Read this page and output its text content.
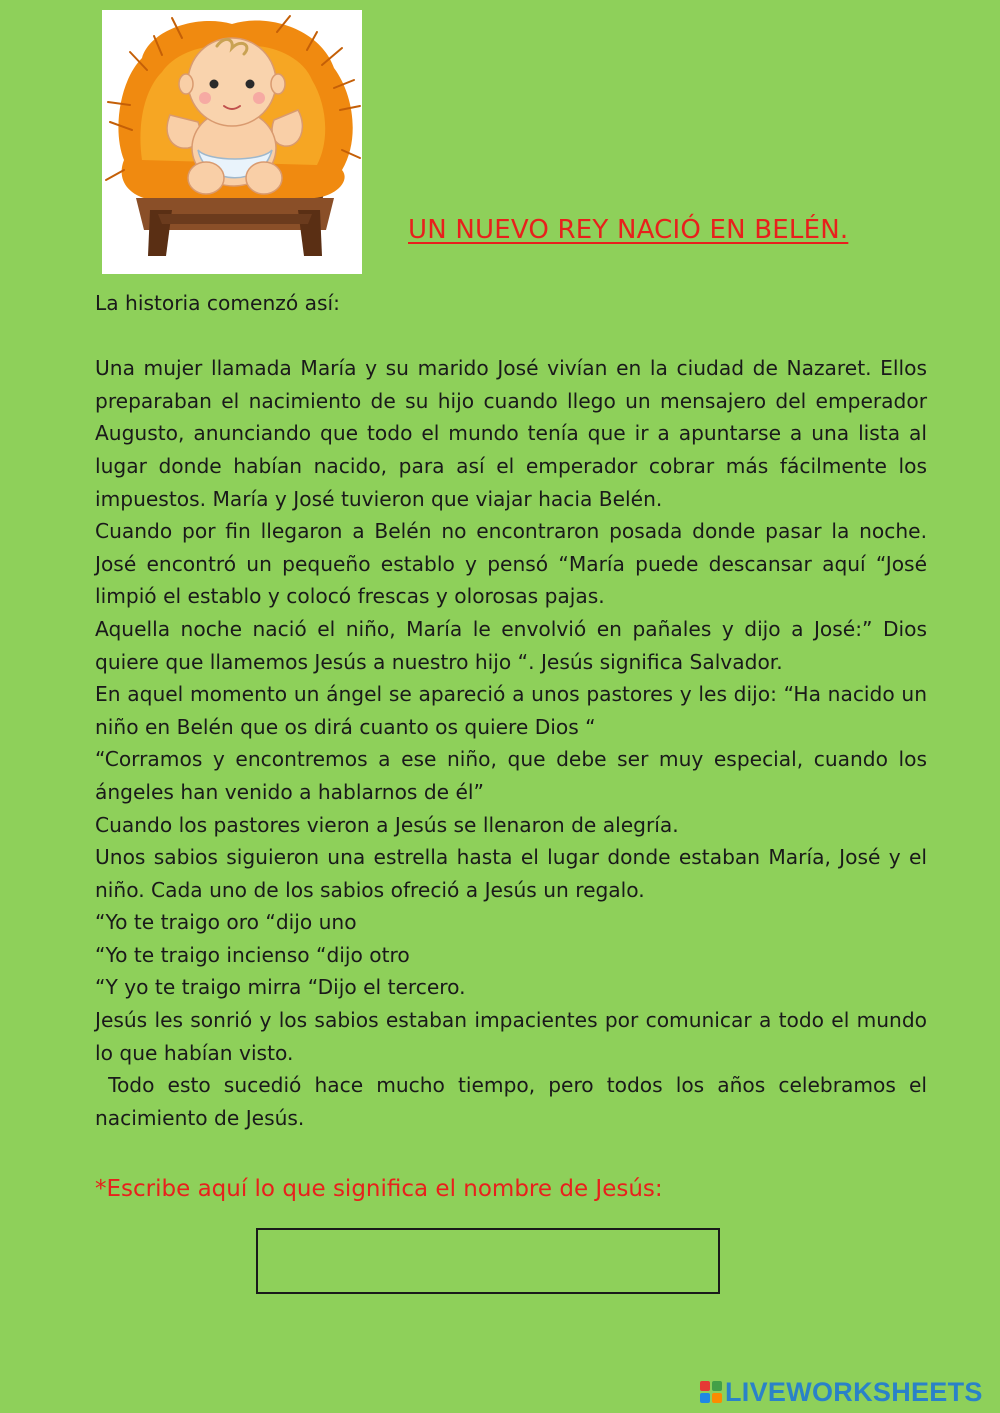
UN NUEVO REY NACIÓ EN BELÉN.

La historia comenzó así:

Una mujer llamada María y su marido José vivían en la ciudad de Nazaret. Ellos preparaban el nacimiento de su hijo cuando llego un mensajero del emperador Augusto, anunciando que todo el mundo tenía que ir a apuntarse a una lista al lugar donde habían nacido, para así el emperador cobrar más fácilmente los impuestos. María y José tuvieron que viajar hacia Belén.

Cuando por fin llegaron a Belén no encontraron posada donde pasar la noche. José encontró un pequeño establo y pensó “María puede descansar aquí “José limpió el establo y colocó frescas y olorosas pajas.

Aquella noche nació el niño, María le envolvió en pañales y dijo a José:” Dios quiere que llamemos Jesús a nuestro hijo “. Jesús significa Salvador.

En aquel momento un ángel se apareció a unos pastores y les dijo: “Ha nacido un niño en Belén que os dirá cuanto os quiere Dios “

“Corramos y encontremos a ese niño, que debe ser muy especial, cuando los ángeles han venido a hablarnos de él”

Cuando los pastores vieron a Jesús se llenaron de alegría.

Unos sabios siguieron una estrella hasta el lugar donde estaban María, José y el niño. Cada uno de los sabios ofreció a Jesús un regalo.

“Yo te traigo oro “dijo uno

“Yo te traigo incienso “dijo otro

“Y yo te traigo mirra “Dijo el tercero.

Jesús les sonrió y los sabios estaban impacientes por comunicar a todo el mundo lo que habían visto.

Todo esto sucedió hace mucho tiempo, pero todos los años celebramos el nacimiento de Jesús.

*Escribe aquí lo que significa el nombre de Jesús:

LIVEWORKSHEETS
